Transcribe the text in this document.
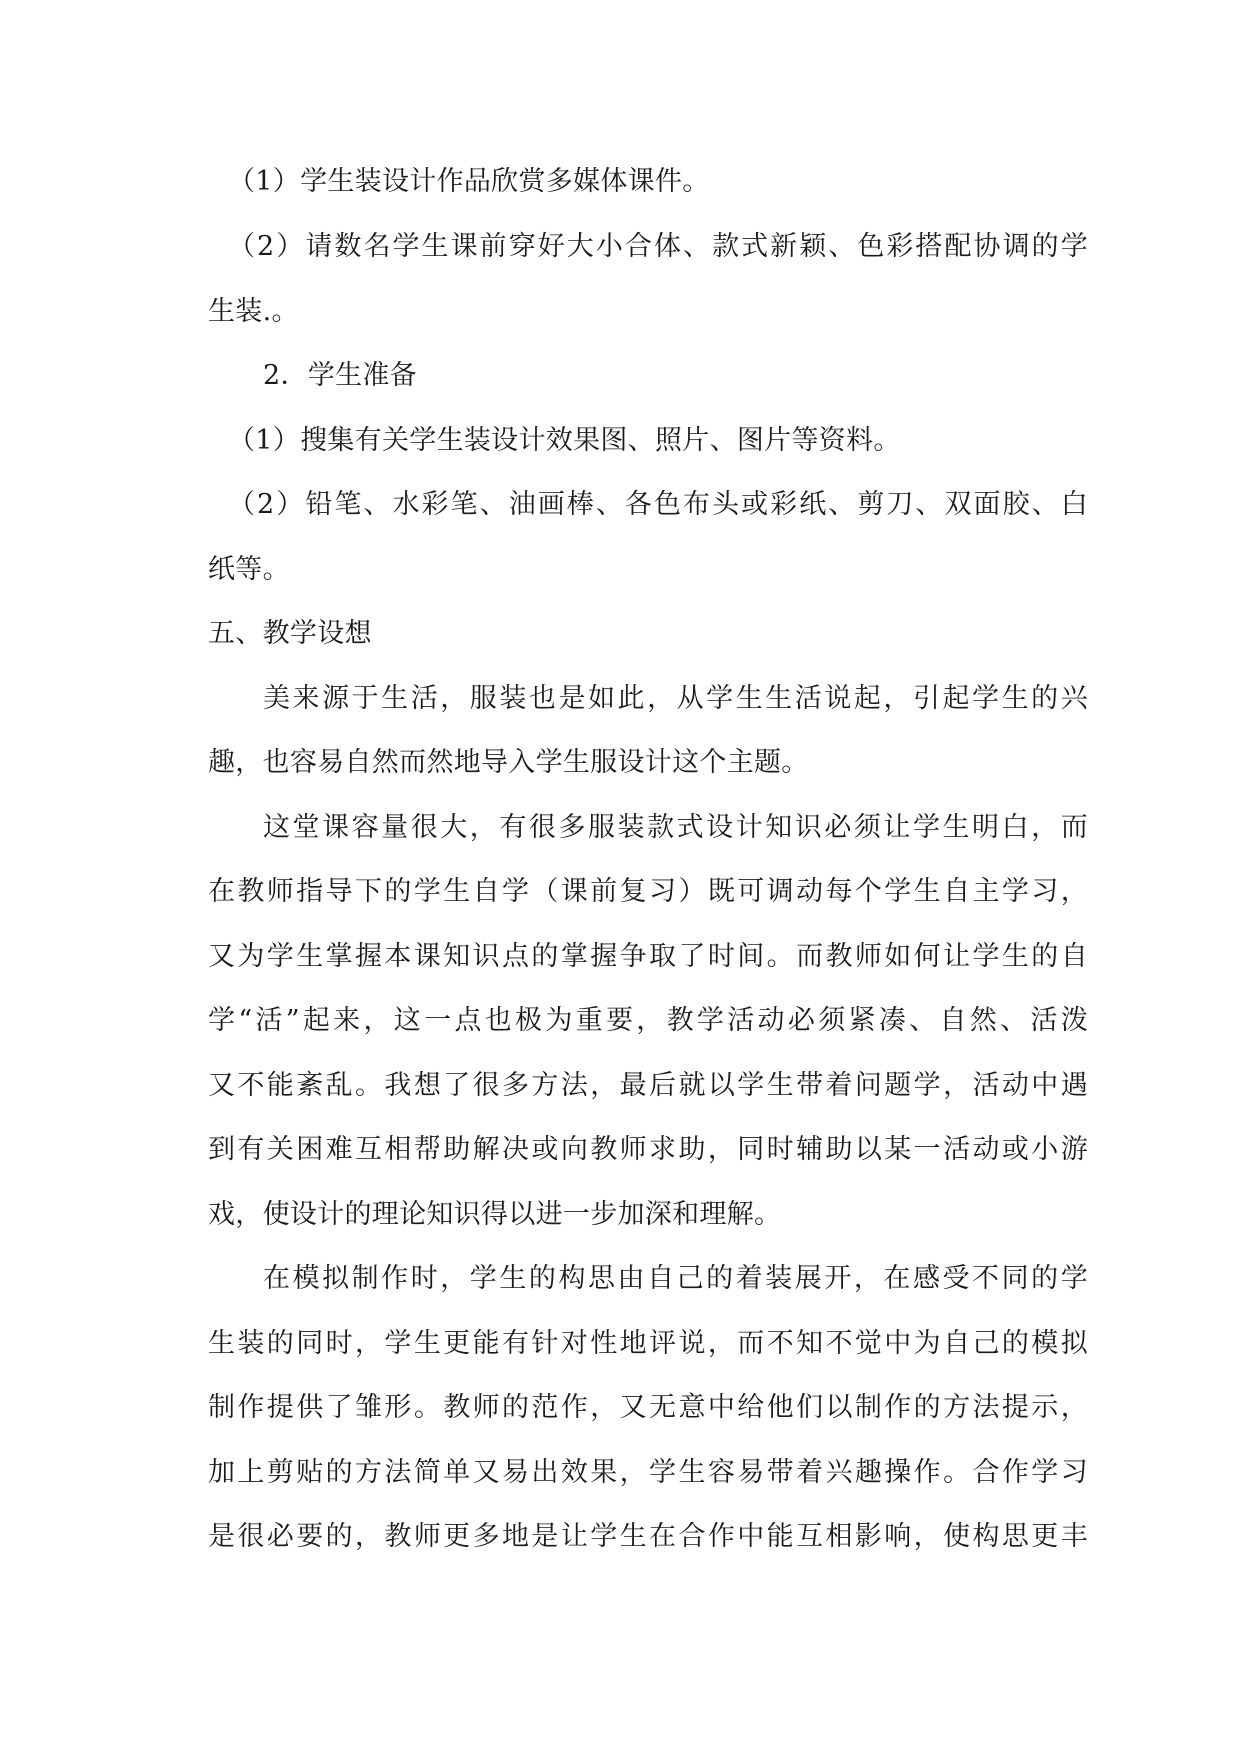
（1）学生装设计作品欣赏多媒体课件。
（2）请数名学生课前穿好大小合体、款式新颖、色彩搭配协调的学
生装.。
2．学生准备
（1）搜集有关学生装设计效果图、照片、图片等资料。
（2）铅笔、水彩笔、油画棒、各色布头或彩纸、剪刀、双面胶、白
纸等。
五、教学设想
美来源于生活，服装也是如此，从学生生活说起，引起学生的兴
趣，也容易自然而然地导入学生服设计这个主题。
这堂课容量很大，有很多服装款式设计知识必须让学生明白，而
在教师指导下的学生自学（课前复习）既可调动每个学生自主学习，
又为学生掌握本课知识点的掌握争取了时间。而教师如何让学生的自
学“活”起来，这一点也极为重要，教学活动必须紧凑、自然、活泼
又不能紊乱。我想了很多方法，最后就以学生带着问题学，活动中遇
到有关困难互相帮助解决或向教师求助，同时辅助以某一活动或小游
戏，使设计的理论知识得以进一步加深和理解。
在模拟制作时，学生的构思由自己的着装展开，在感受不同的学
生装的同时，学生更能有针对性地评说，而不知不觉中为自己的模拟
制作提供了雏形。教师的范作，又无意中给他们以制作的方法提示，
加上剪贴的方法简单又易出效果，学生容易带着兴趣操作。合作学习
是很必要的，教师更多地是让学生在合作中能互相影响，使构思更丰
